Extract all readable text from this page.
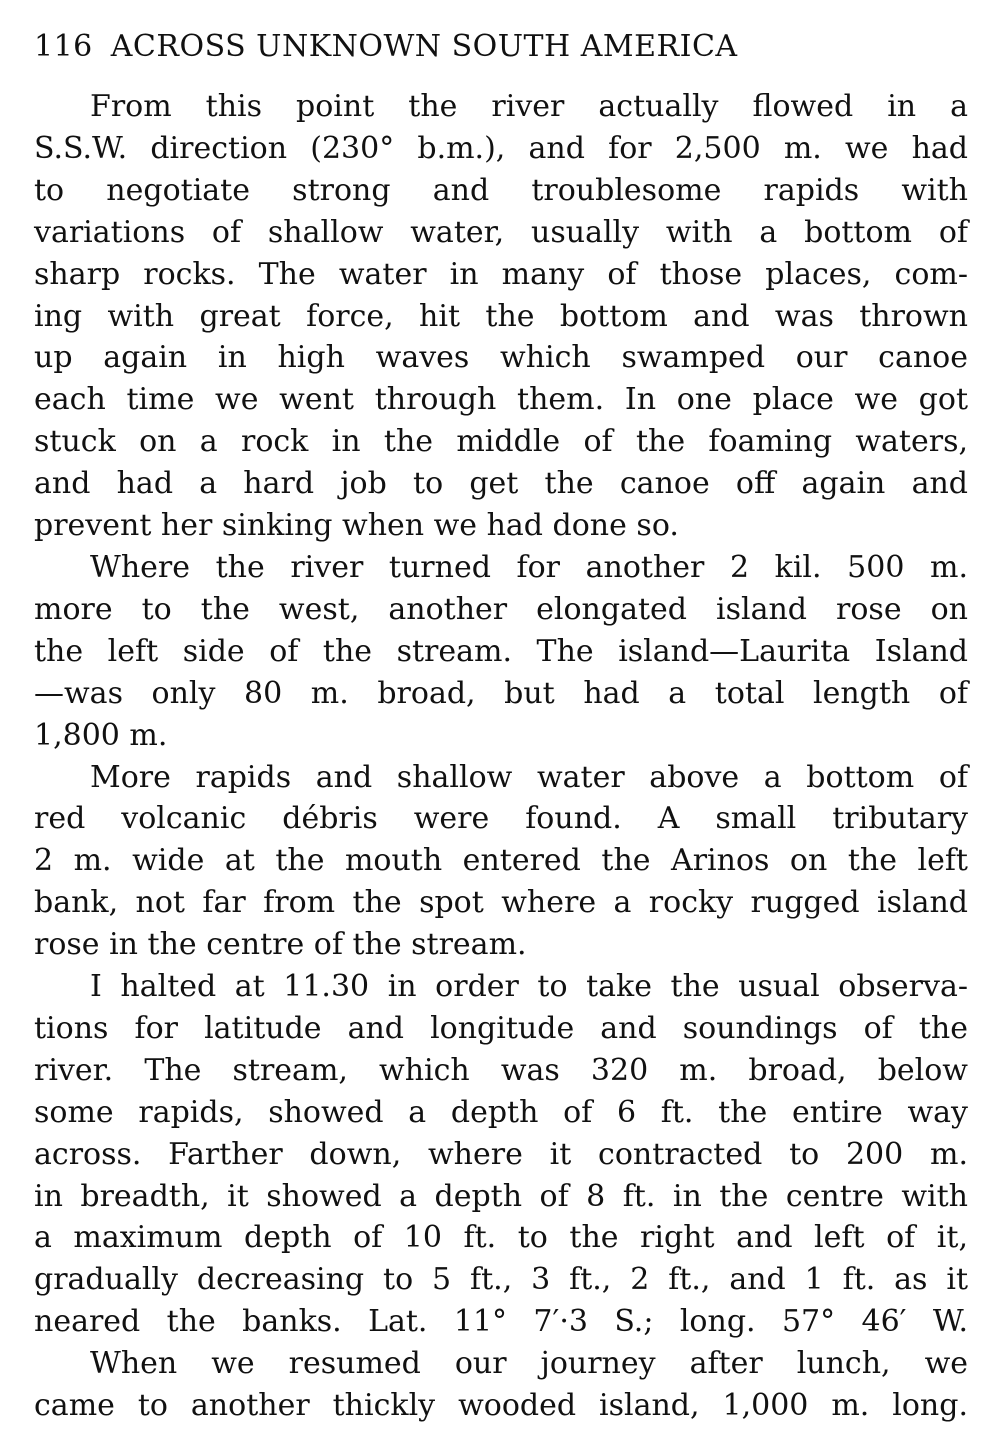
116 ACROSS UNKNOWN SOUTH AMERICA

From this point the river actually flowed in a
S.S.W. direction (230° b.m.), and for 2,500 m. we had
to negotiate strong and troublesome rapids with
variations of shallow water, usually with a bottom of
sharp rocks. The water in many of those places, com-
ing with great force, hit the bottom and was thrown
up again in high waves which swamped our canoe
each time we went through them. In one place we got
stuck on a rock in the middle of the foaming waters,
and had a hard job to get the canoe off again and
prevent her sinking when we had done so.

Where the river turned for another 2 kil. 500 m.
more to the west, another elongated island rose on
the left side of the stream. The island—Laurita Island
—was only 80 m. broad, but had a total length of
1,800 m.

More rapids and shallow water above a bottom of
red volcanic débris were found. A small tributary
2 m. wide at the mouth entered the Arinos on the left
bank, not far from the spot where a rocky rugged island
rose in the centre of the stream.

I halted at 11.30 in order to take the usual observa-
tions for latitude and longitude and soundings of the
river. The stream, which was 320 m. broad, below
some rapids, showed a depth of 6 ft. the entire way
across. Farther down, where it contracted to 200 m.
in breadth, it showed a depth of 8 ft. in the centre with
a maximum depth of 10 ft. to the right and left of it,
gradually decreasing to 5 ft., 3 ft., 2 ft., and 1 ft. as it
neared the banks. Lat. 11° 7′·3 S.; long. 57° 46′ W.

When we resumed our journey after lunch, we
came to another thickly wooded island, 1,000 m. long.
